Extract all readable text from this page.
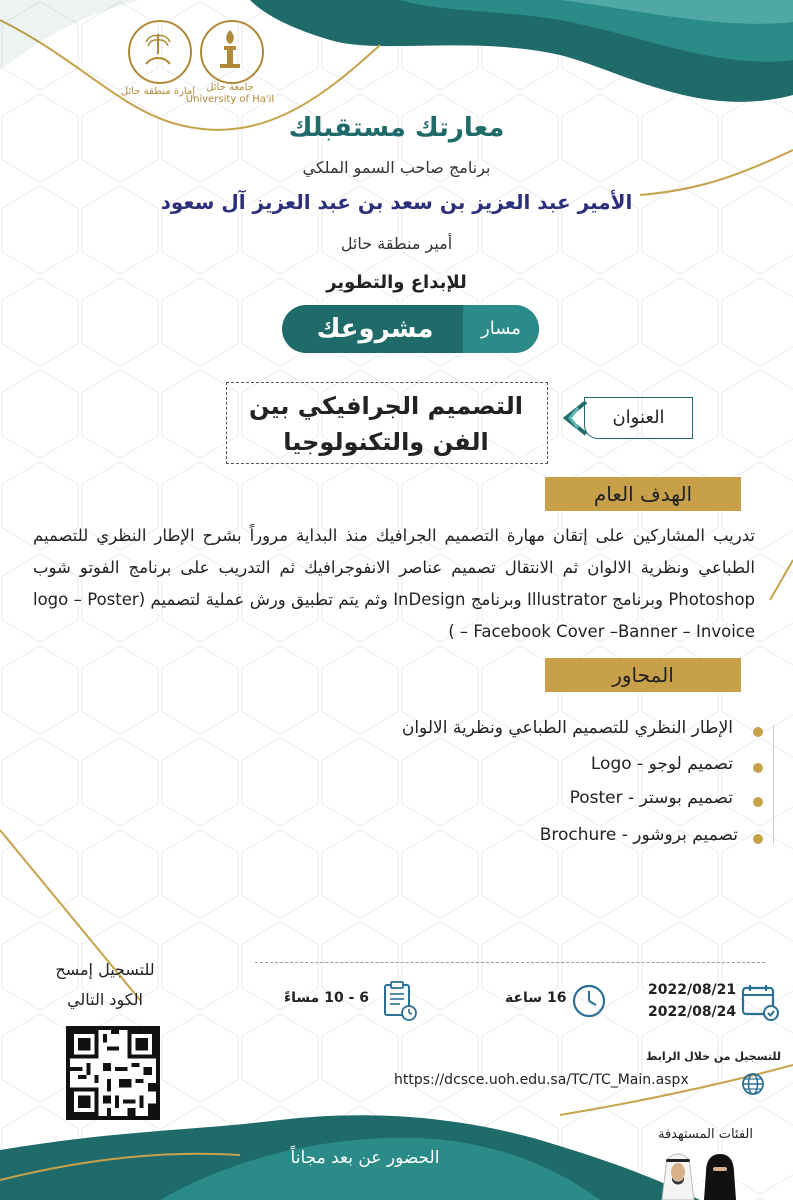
جامعة حائل
University of Ha'il
إمارة منطقة حائل
معارتك مستقبلك
برنامج صاحب السمو الملكي
الأمير عبد العزيز بن سعد بن عبد العزيز آل سعود
أمير منطقة حائل
للإبداع والتطوير
مسار
مشروعك
التصميم الجرافيكي بين الفن والتكنولوجيا
العنوان
الهدف العام
تدريب المشاركين على إتقان مهارة التصميم الجرافيك منذ البداية مروراً بشرح الإطار النظري للتصميم الطباعي ونظرية الالوان ثم الانتقال تصميم عناصر الانفوجرافيك ثم التدريب على برنامج الفوتو شوب Photoshop وبرنامج Illustrator وبرنامج InDesign وثم يتم تطبيق ورش عملية لتصميم (logo – Poster – Facebook Cover –Banner – Invoice )
المحاور
الإطار النظري للتصميم الطباعي ونظرية الالوان
تصميم لوجو - Logo
تصميم بوستر - Poster
تصميم بروشور - Brochure
2022/08/21
2022/08/24
16 ساعة
6 - 10 مساءً
للتسجيل إمسح
الكود التالي
للتسجيل من خلال الرابط
https://dcsce.uoh.edu.sa/TC/TC_Main.aspx
الحضور عن بعد مجاناً
الفئات المستهدفة
